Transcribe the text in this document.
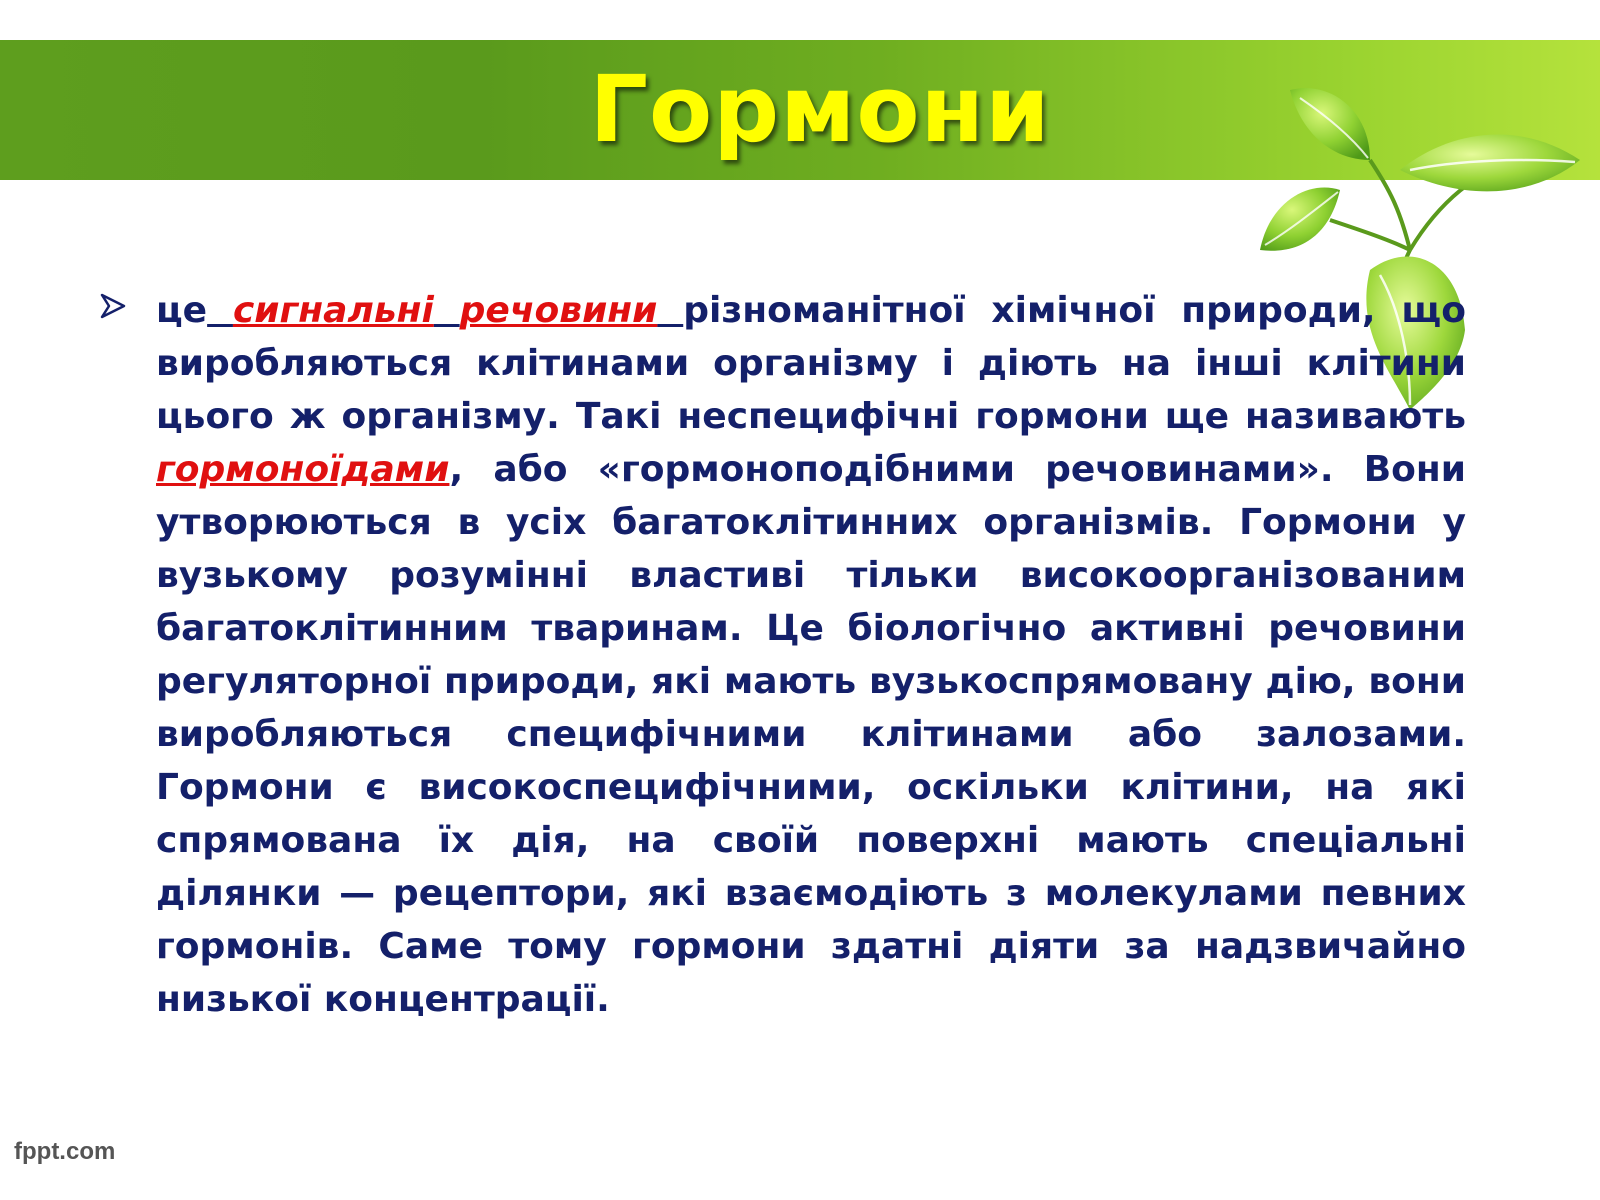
Гормони

це сигнальні речовини різноманітної хімічної природи, що виробляються клітинами організму і діють на інші клітини цього ж організму. Такі неспецифічні гормони ще називають гормоноїдами, або «гормоноподібними речовинами». Вони утворюються в усіх багатоклітинних організмів. Гормони у вузькому розумінні властиві тільки високоорганізованим багатоклітинним тваринам. Це біологічно активні речовини регуляторної природи, які мають вузькоспрямовану дію, вони виробляються специфічними клітинами або залозами. Гормони є високоспецифічними, оскільки клітини, на які спрямована їх дія, на своїй поверхні мають спеціальні ділянки — рецептори, які взаємодіють з молекулами певних гормонів. Саме тому гормони здатні діяти за надзвичайно низької концентрації.

fppt.com
